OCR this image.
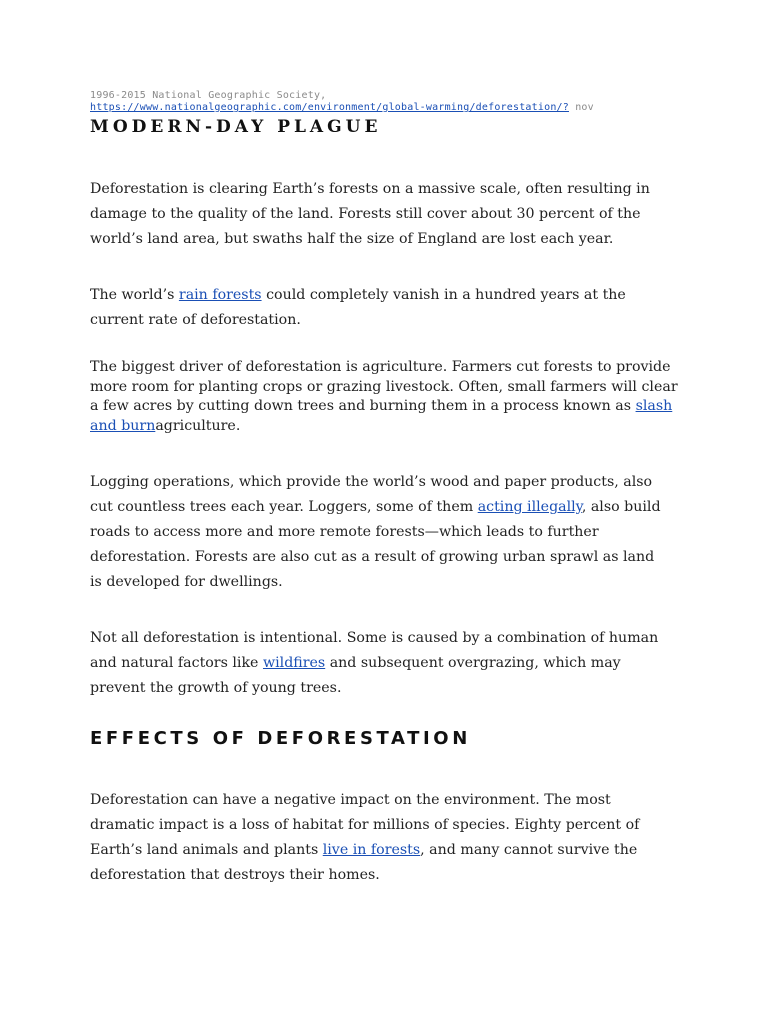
1996-2015 National Geographic Society, https://www.nationalgeographic.com/environment/global-warming/deforestation/? nov
MODERN-DAY PLAGUE

Deforestation is clearing Earth’s forests on a massive scale, often resulting in damage to the quality of the land. Forests still cover about 30 percent of the world’s land area, but swaths half the size of England are lost each year.

The world’s rain forests could completely vanish in a hundred years at the current rate of deforestation.

The biggest driver of deforestation is agriculture. Farmers cut forests to provide more room for planting crops or grazing livestock. Often, small farmers will clear a few acres by cutting down trees and burning them in a process known as slash and burnagriculture.

Logging operations, which provide the world’s wood and paper products, also cut countless trees each year. Loggers, some of them acting illegally, also build roads to access more and more remote forests—which leads to further deforestation. Forests are also cut as a result of growing urban sprawl as land is developed for dwellings.

Not all deforestation is intentional. Some is caused by a combination of human and natural factors like wildfires and subsequent overgrazing, which may prevent the growth of young trees.

EFFECTS OF DEFORESTATION

Deforestation can have a negative impact on the environment. The most dramatic impact is a loss of habitat for millions of species. Eighty percent of Earth’s land animals and plants live in forests, and many cannot survive the deforestation that destroys their homes.
